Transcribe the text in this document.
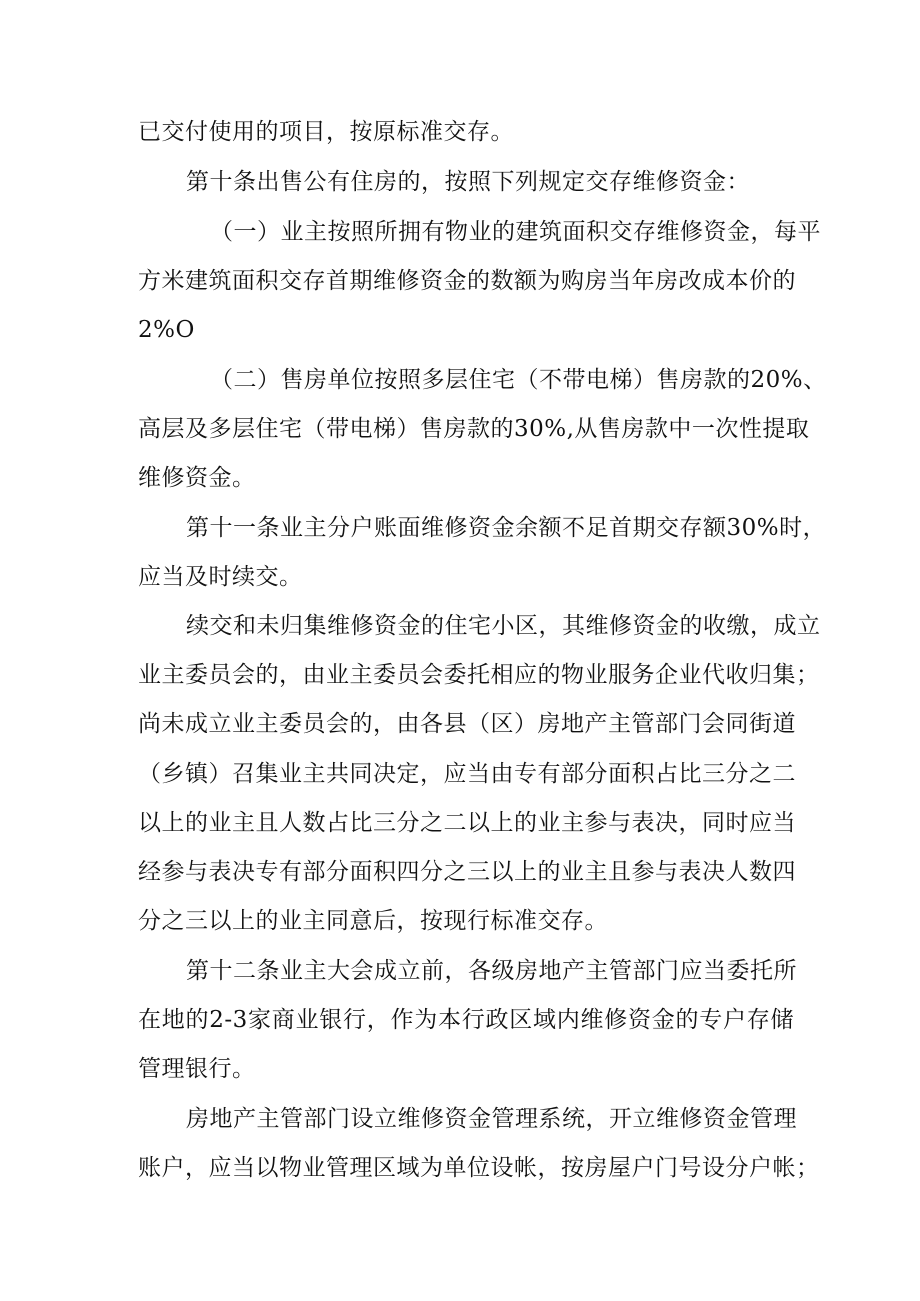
已交付使用的项目，按原标准交存。
第十条出售公有住房的，按照下列规定交存维修资金：
（一）业主按照所拥有物业的建筑面积交存维修资金，每平
方米建筑面积交存首期维修资金的数额为购房当年房改成本价的
2%O
（二）售房单位按照多层住宅（不带电梯）售房款的20%、
高层及多层住宅（带电梯）售房款的30%,从售房款中一次性提取
维修资金。
第十一条业主分户账面维修资金余额不足首期交存额30%时，
应当及时续交。
续交和未归集维修资金的住宅小区，其维修资金的收缴，成立
业主委员会的，由业主委员会委托相应的物业服务企业代收归集；
尚未成立业主委员会的，由各县（区）房地产主管部门会同街道
（乡镇）召集业主共同决定，应当由专有部分面积占比三分之二
以上的业主且人数占比三分之二以上的业主参与表决，同时应当
经参与表决专有部分面积四分之三以上的业主且参与表决人数四
分之三以上的业主同意后，按现行标准交存。
第十二条业主大会成立前，各级房地产主管部门应当委托所
在地的2-3家商业银行，作为本行政区域内维修资金的专户存储
管理银行。
房地产主管部门设立维修资金管理系统，开立维修资金管理
账户，应当以物业管理区域为单位设帐，按房屋户门号设分户帐；
